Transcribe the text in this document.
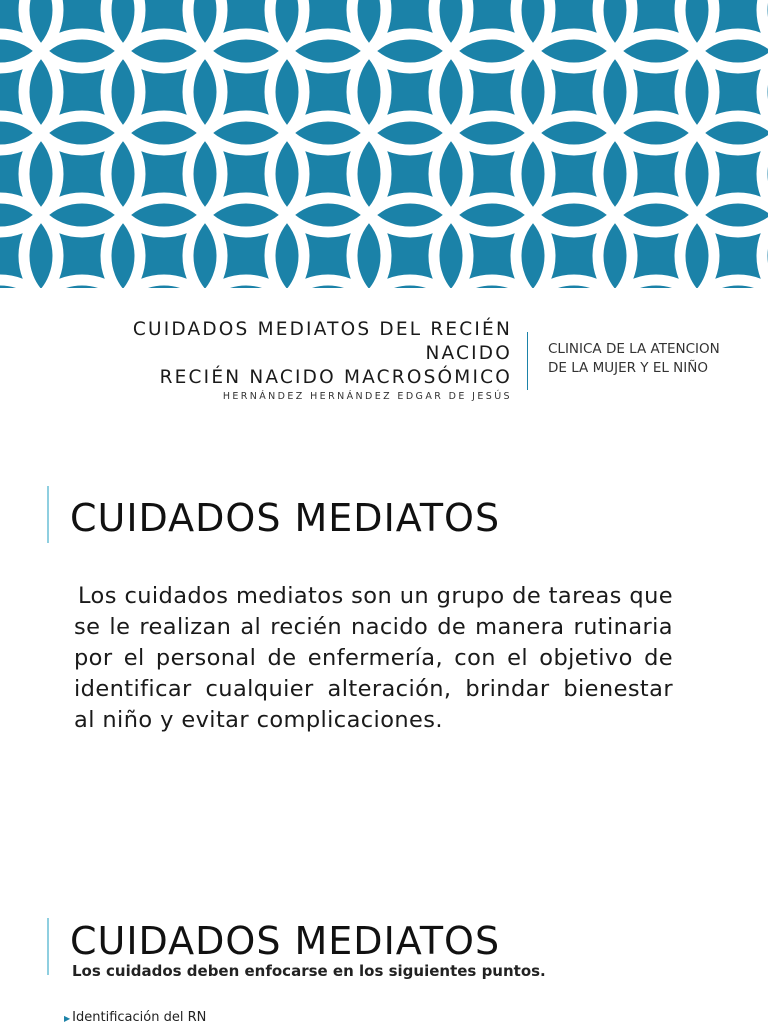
CUIDADOS MEDIATOS DEL RECIÉN
NACIDO
RECIÉN NACIDO MACROSÓMICO
HERNÁNDEZ HERNÁNDEZ EDGAR DE JESÚS
CLINICA DE LA ATENCION
DE LA MUJER Y EL NIÑO
CUIDADOS MEDIATOS
Los cuidados mediatos son un grupo de tareas que se le realizan al recién nacido de manera rutinaria por el personal de enfermería, con el objetivo de identificar cualquier alteración, brindar bienestar al niño y evitar complicaciones.
CUIDADOS MEDIATOS
Los cuidados deben enfocarse en los siguientes puntos.
▶ Identificación del RN
